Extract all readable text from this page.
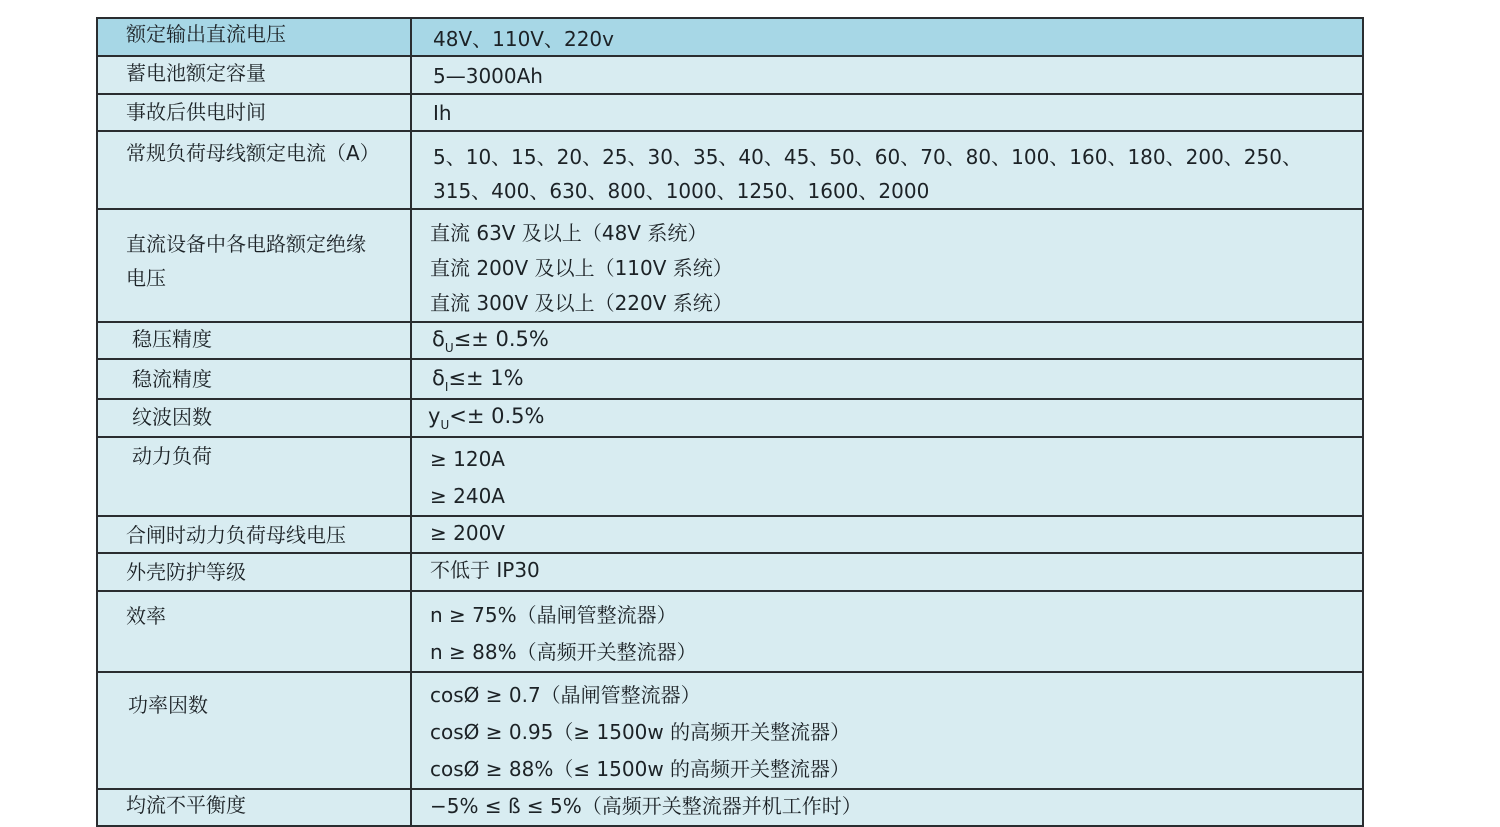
额定输出直流电压	48V、110V、220v
蓄电池额定容量	5—3000Ah
事故后供电时间	Ih
常规负荷母线额定电流（A）	5、10、15、20、25、30、35、40、45、50、60、70、80、100、160、180、200、250、
315、400、630、800、1000、1250、1600、2000

直流设备中各电路额定绝缘
电压	直流 63V 及以上（48V 系统）
直流 200V 及以上（110V 系统）
直流 300V 及以上（220V 系统）

稳压精度	$\delta_U\le\pm 0.5\%$
稳流精度	$\delta_I\le\pm 1\%$
纹波因数	$y_U<\pm 0.5\%$
动力负荷	≥ 120A
≥ 240A

合闸时动力负荷母线电压	≥ 200V
外壳防护等级	不低于 IP30
效率	n ≥ 75%（晶闸管整流器）
n ≥ 88%（高频开关整流器）

功率因数	cosØ ≥ 0.7（晶闸管整流器）
cosØ ≥ 0.95（≥ 1500w 的高频开关整流器）
cosØ ≥ 88%（≤ 1500w 的高频开关整流器）

均流不平衡度	−5% ≤ ß ≤ 5%（高频开关整流器并机工作时）
